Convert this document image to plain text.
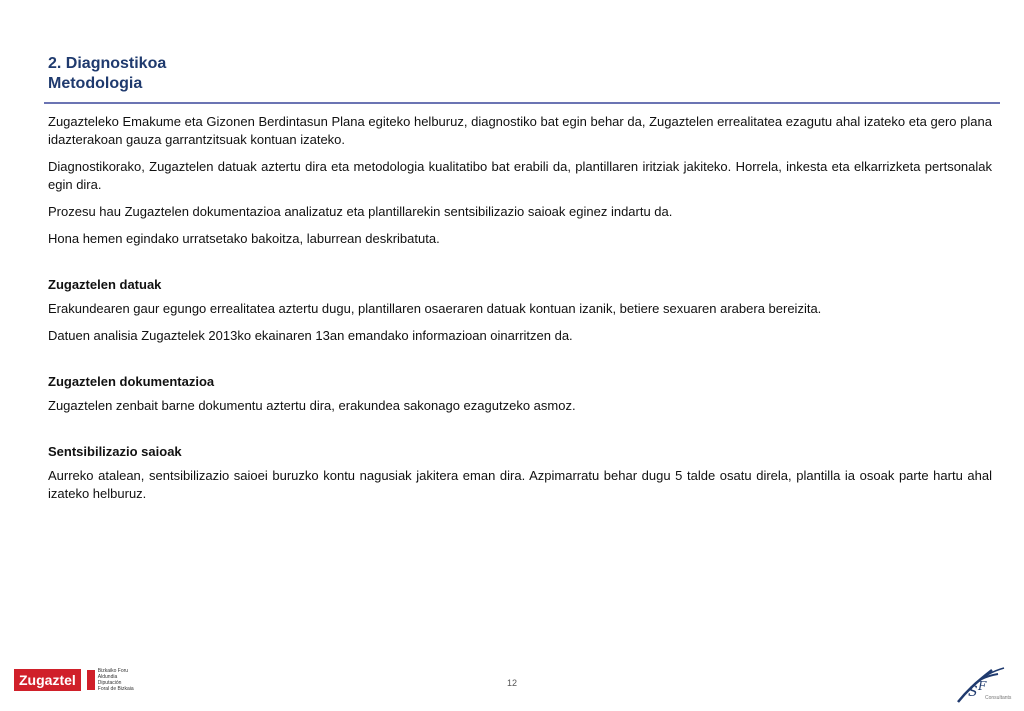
2. Diagnostikoa
Metodologia

Zugazteleko Emakume eta Gizonen Berdintasun Plana egiteko helburuz, diagnostiko bat egin behar da, Zugaztelen errealitatea ezagutu ahal izateko eta gero plana idazterakoan gauza garrantzitsuak kontuan izateko.

Diagnostikorako, Zugaztelen datuak aztertu dira eta metodologia kualitatibo bat erabili da, plantillaren iritziak jakiteko. Horrela, inkesta eta elkarrizketa pertsonalak egin dira.

Prozesu hau Zugaztelen dokumentazioa analizatuz eta plantillarekin sentsibilizazio saioak eginez indartu da.

Hona hemen egindako urratsetako bakoitza, laburrean deskribatuta.

Zugaztelen datuak

Erakundearen gaur egungo errealitatea aztertu dugu, plantillaren osaeraren datuak kontuan izanik, betiere sexuaren arabera bereizita.

Datuen analisia Zugaztelek 2013ko ekainaren 13an emandako informazioan oinarritzen da.

Zugaztelen dokumentazioa

Zugaztelen zenbait barne dokumentu aztertu dira, erakundea sakonago ezagutzeko asmoz.

Sentsibilizazio saioak

Aurreko atalean, sentsibilizazio saioei buruzko kontu nagusiak jakitera eman dira. Azpimarratu behar dugu 5 talde osatu direla, plantilla ia osoak parte hartu ahal izateko helburuz.

Zugaztel
Bizkaiko Foru
Aldundia
Diputación
Foral de Bizkaia
12
S F
Consultants
